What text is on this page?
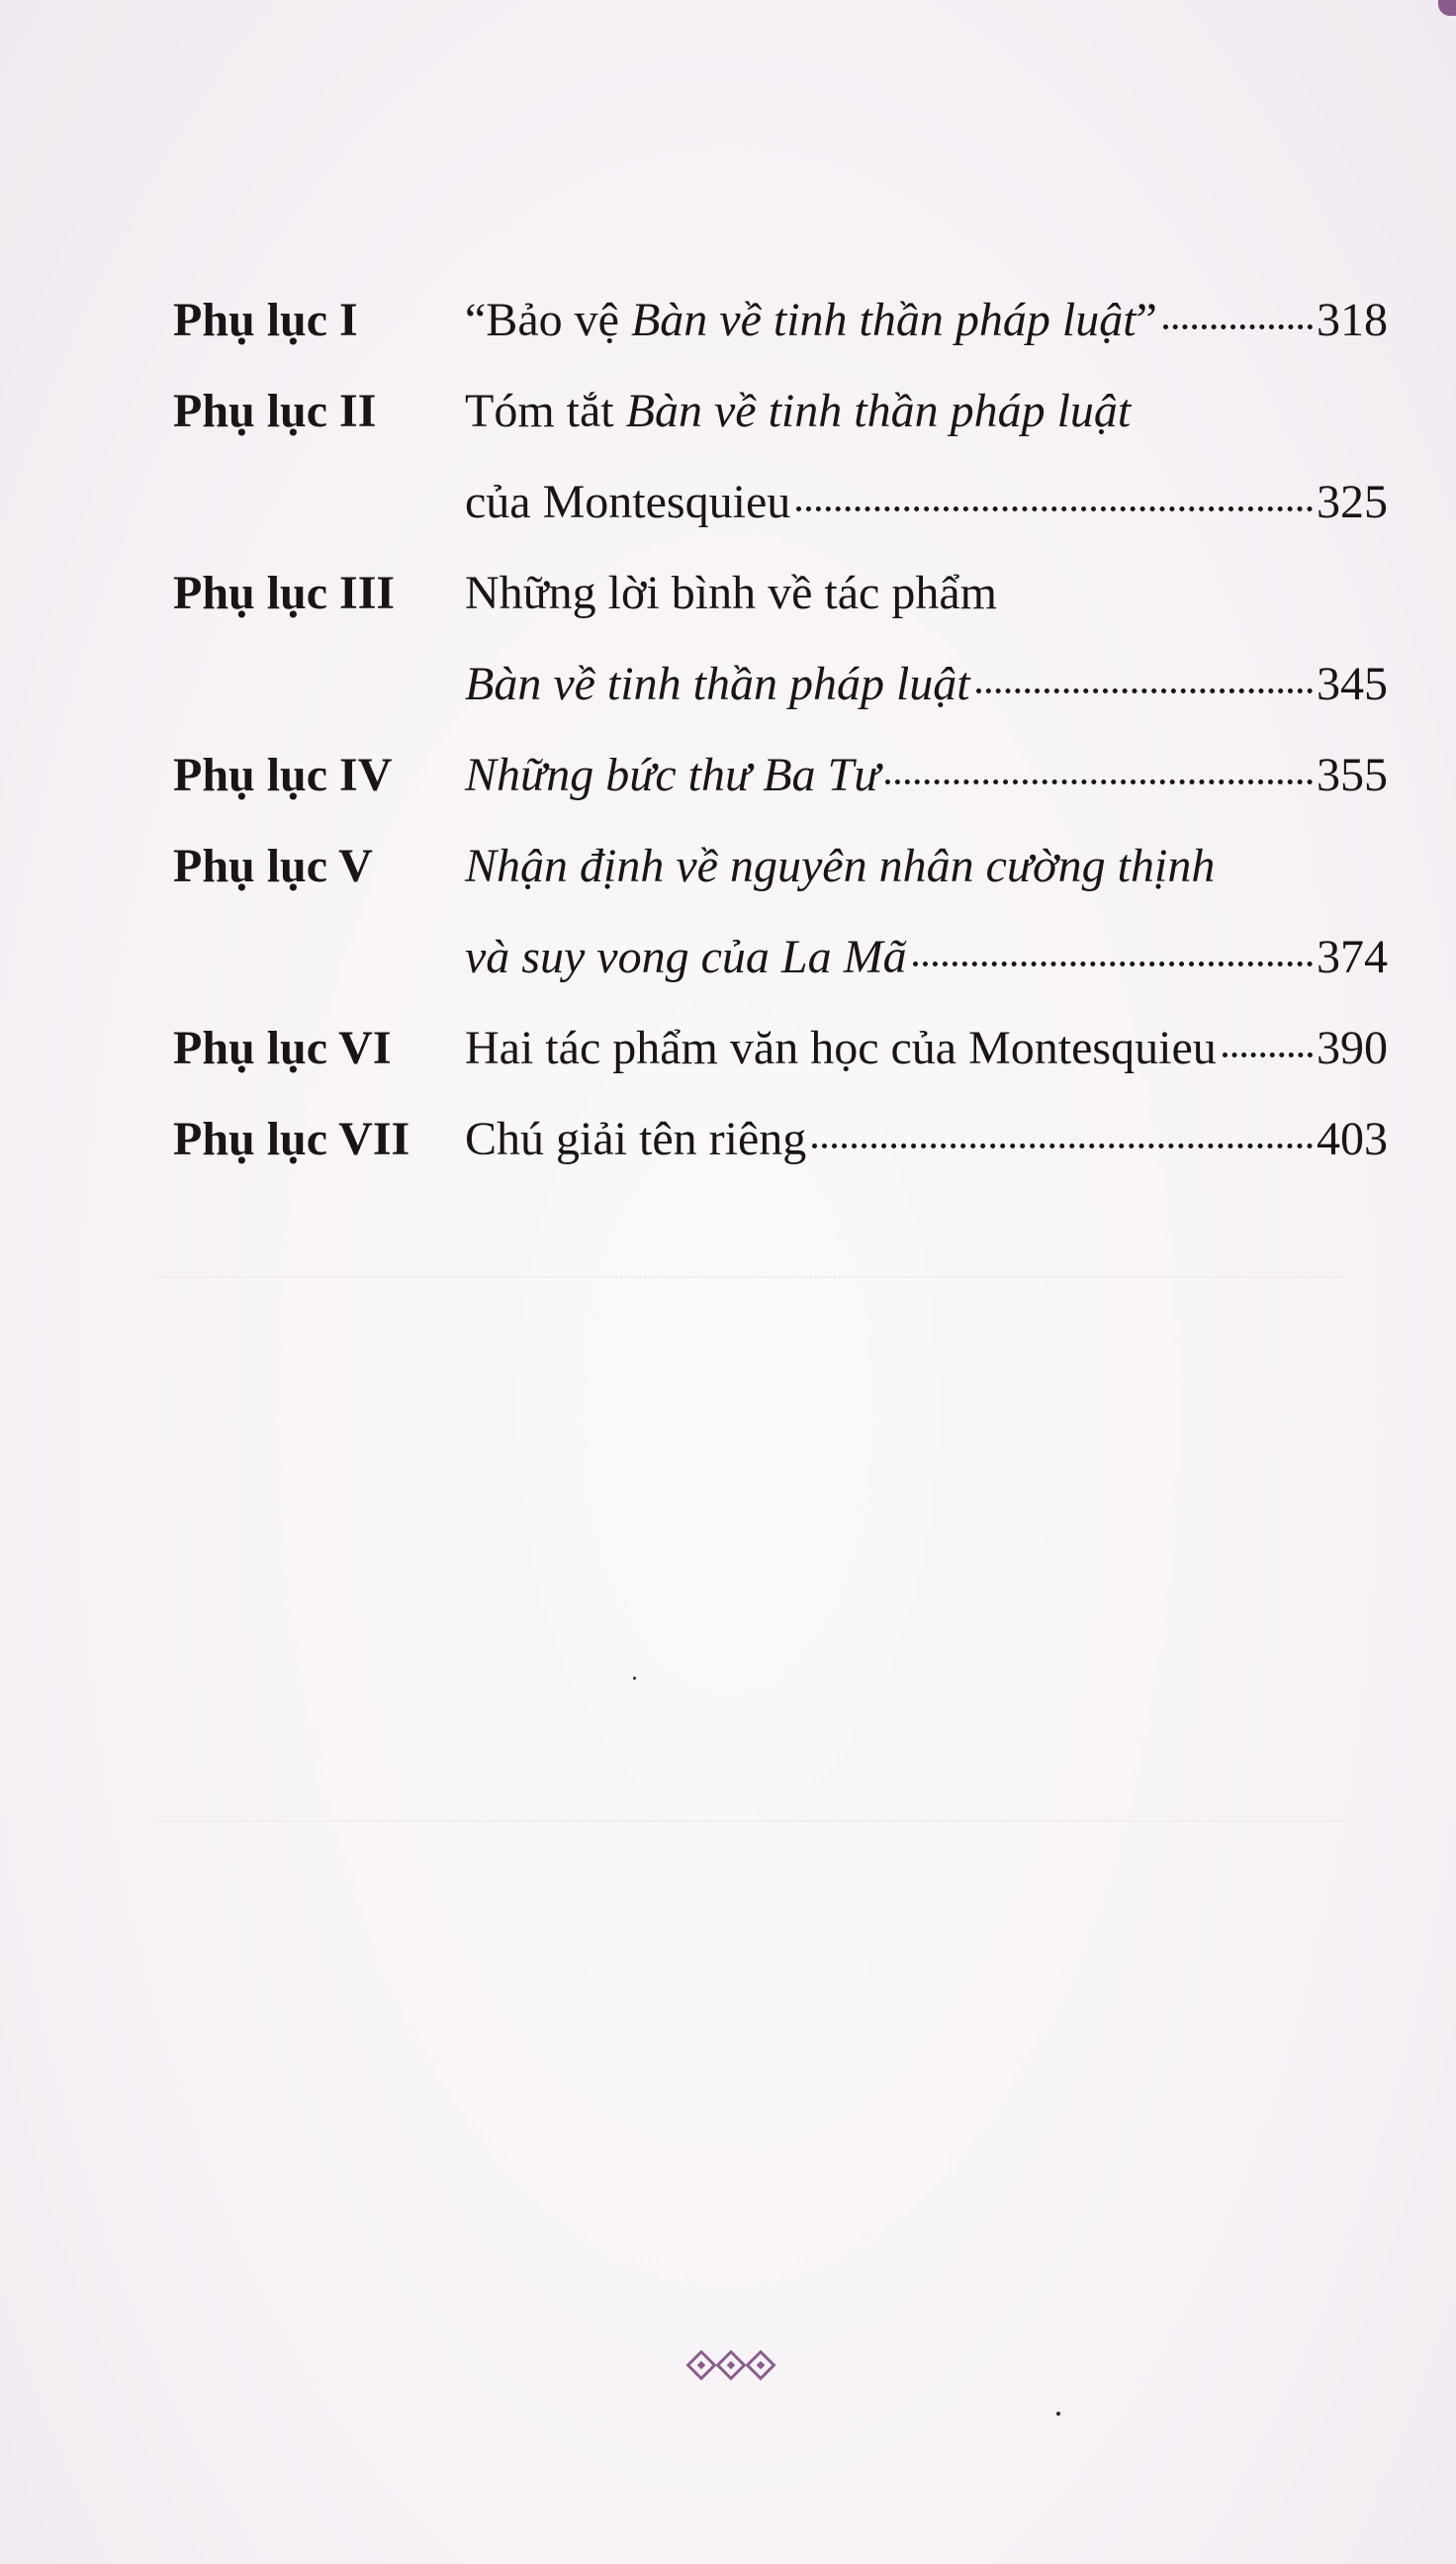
Phụ lục I	“Bảo vệ Bàn về tinh thần pháp luật”	318
Phụ lục II	Tóm tắt Bàn về tinh thần pháp luật
của Montesquieu	325
Phụ lục III	Những lời bình về tác phẩm
Bàn về tinh thần pháp luật	345
Phụ lục IV	Những bức thư Ba Tư	355
Phụ lục V	Nhận định về nguyên nhân cường thịnh
và suy vong của La Mã	374
Phụ lục VI	Hai tác phẩm văn học của Montesquieu 390
Phụ lục VII	Chú giải tên riêng	403
